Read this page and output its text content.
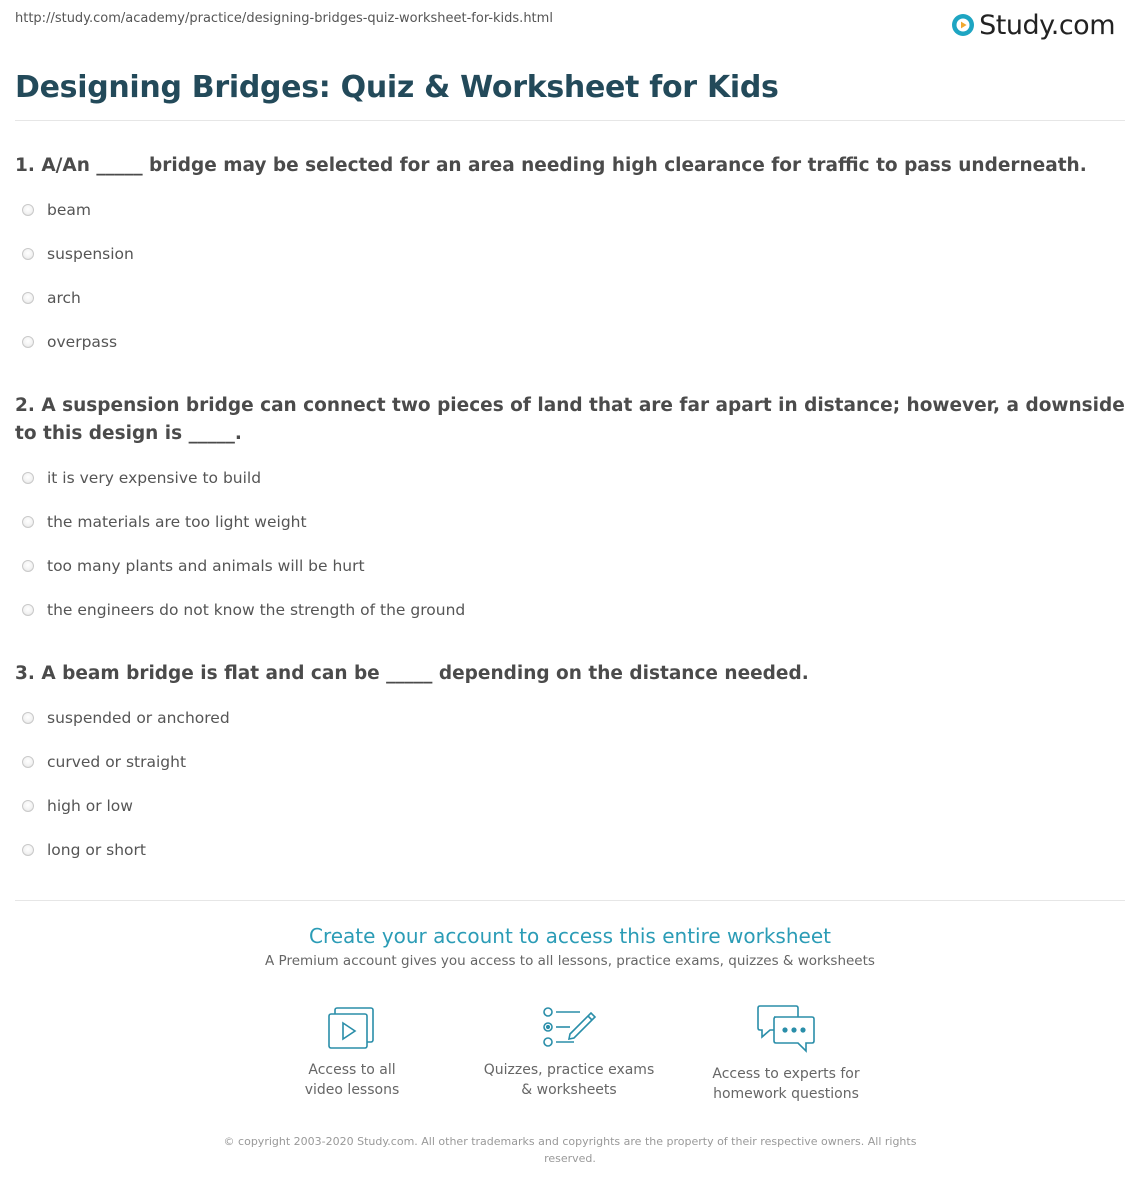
http://study.com/academy/practice/designing-bridges-quiz-worksheet-for-kids.html	Study.com
Designing Bridges: Quiz & Worksheet for Kids
1. A/An _____ bridge may be selected for an area needing high clearance for traffic to pass underneath.
beam
suspension
arch
overpass
2. A suspension bridge can connect two pieces of land that are far apart in distance; however, a downside to this design is _____.
it is very expensive to build
the materials are too light weight
too many plants and animals will be hurt
the engineers do not know the strength of the ground
3. A beam bridge is flat and can be _____ depending on the distance needed.
suspended or anchored
curved or straight
high or low
long or short
Create your account to access this entire worksheet
A Premium account gives you access to all lessons, practice exams, quizzes & worksheets
Access to all
video lessons
Quizzes, practice exams
& worksheets
Access to experts for
homework questions
© copyright 2003-2020 Study.com. All other trademarks and copyrights are the property of their respective owners. All rights reserved.
